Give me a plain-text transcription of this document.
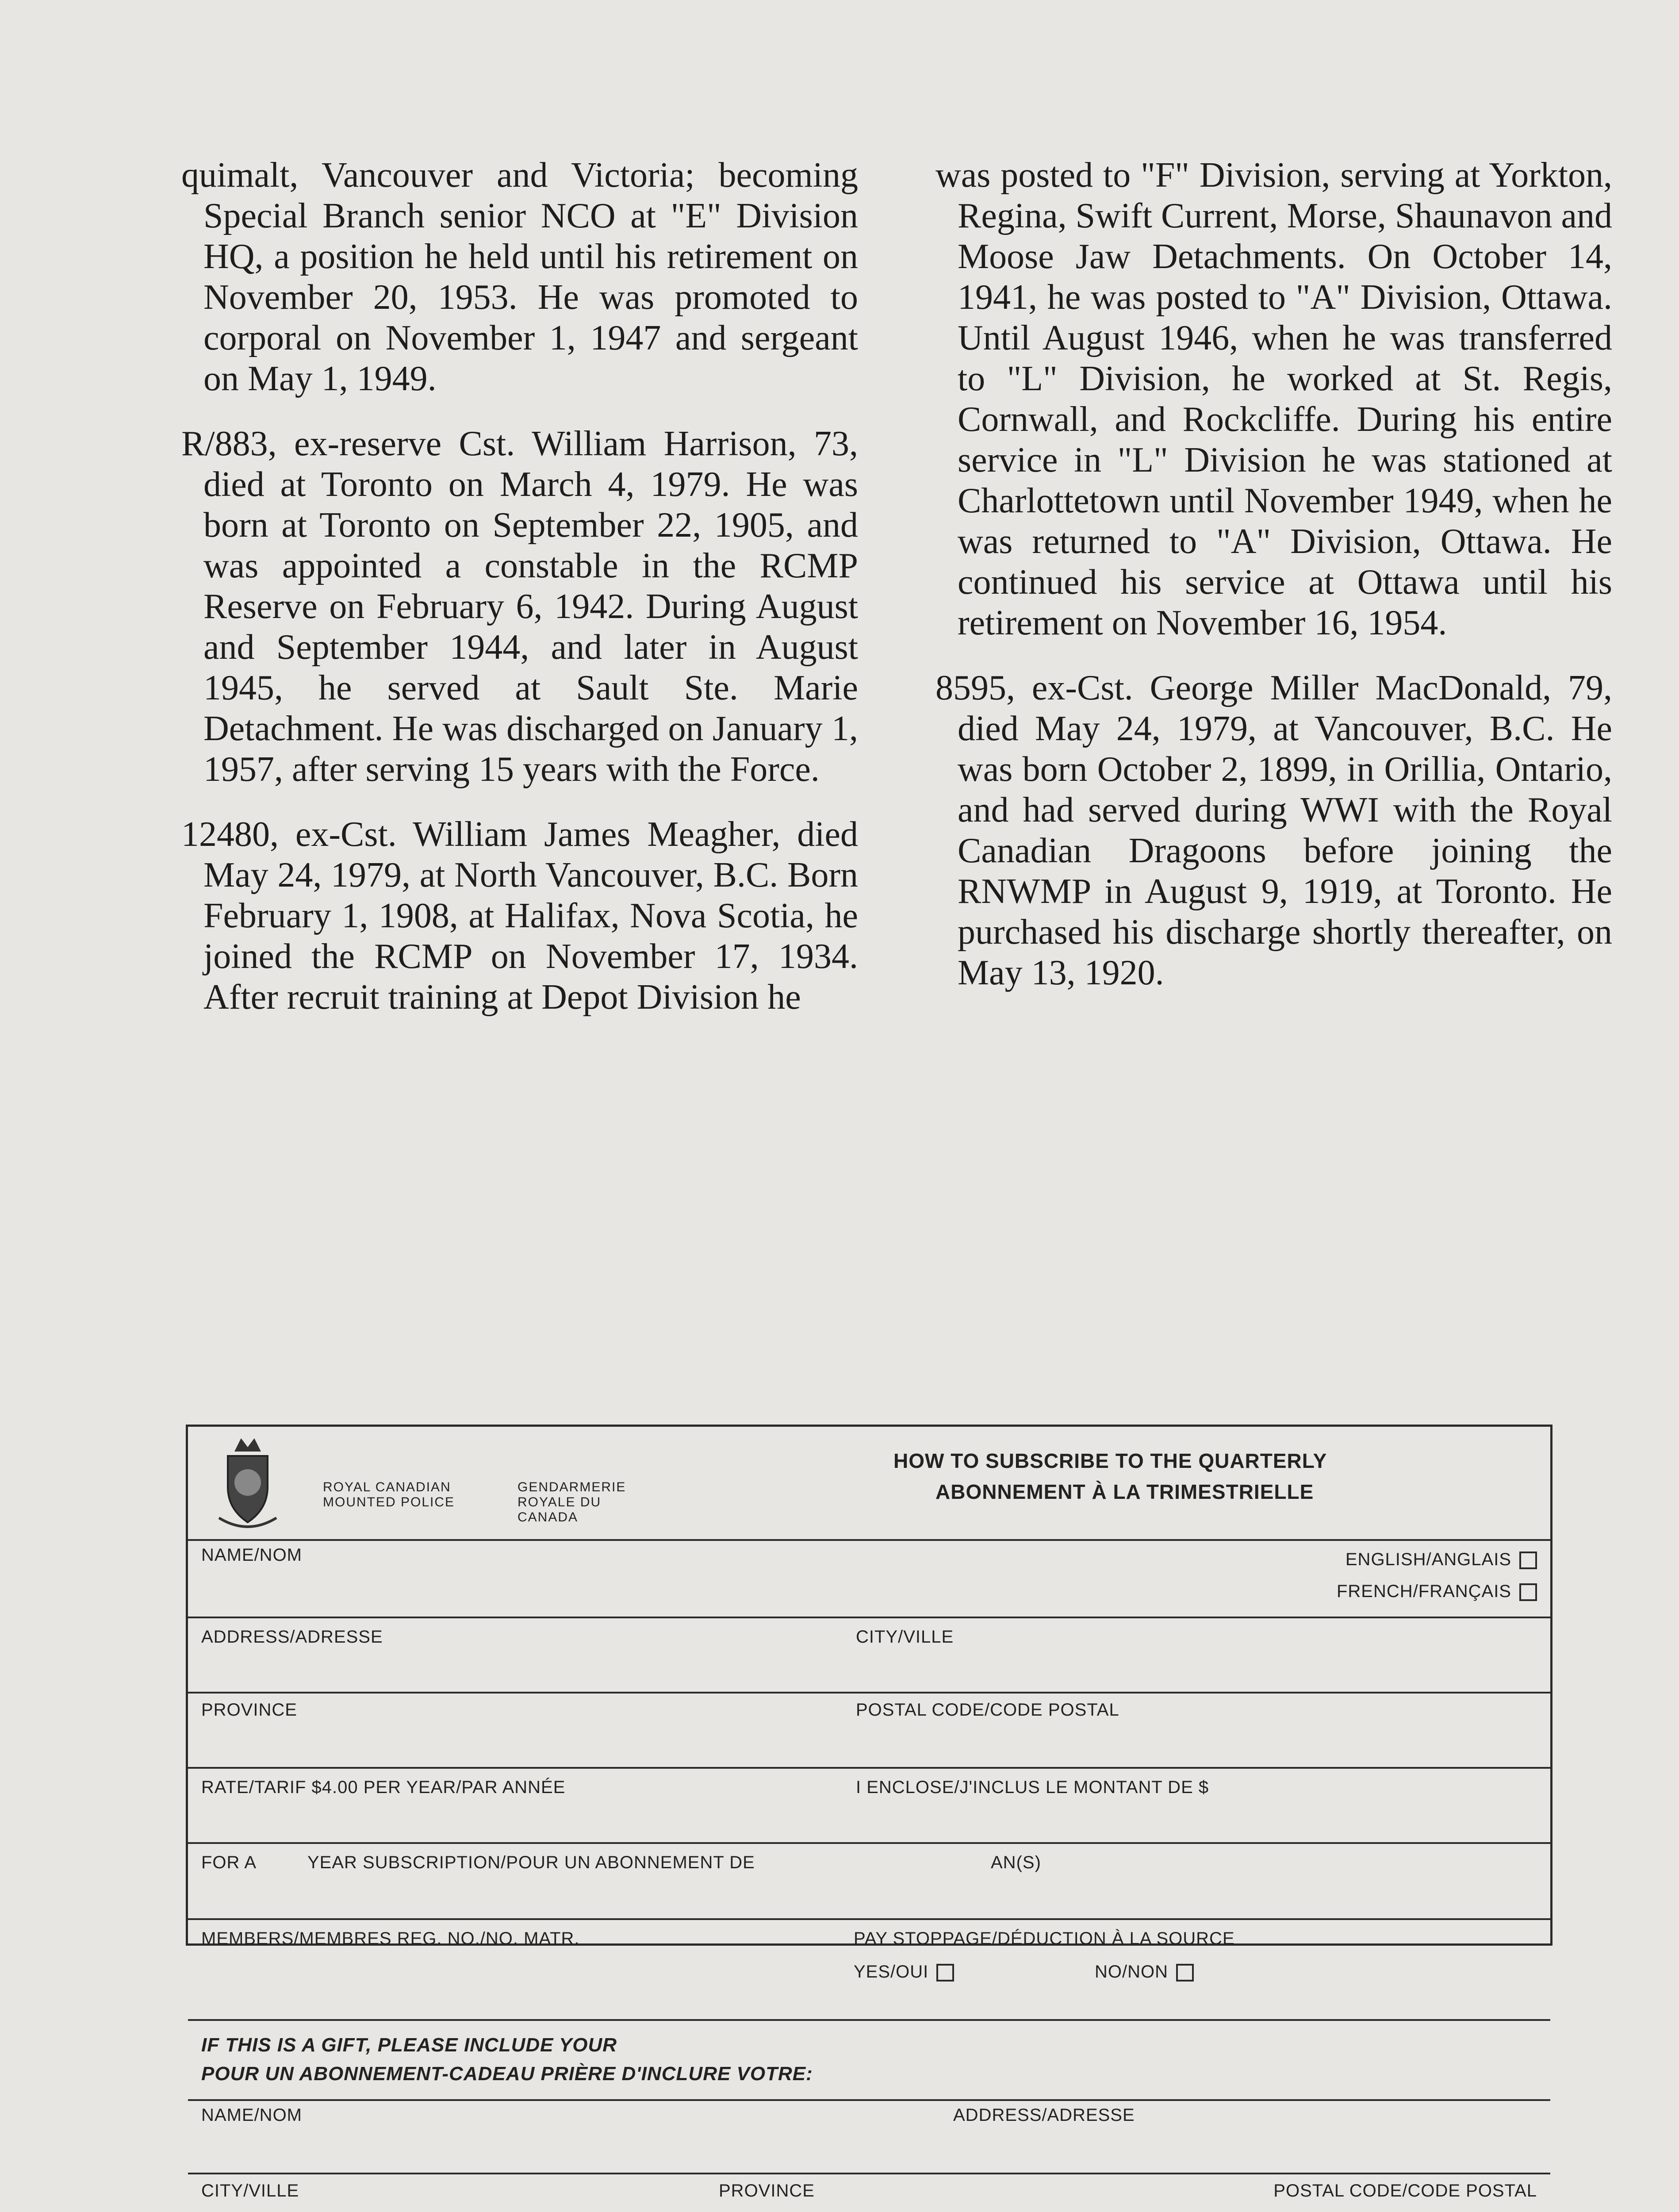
quimalt, Vancouver and Victoria; becoming Special Branch senior NCO at "E" Division HQ, a position he held until his retirement on November 20, 1953. He was promoted to corporal on November 1, 1947 and sergeant on May 1, 1949.

R/883, ex-reserve Cst. William Harrison, 73, died at Toronto on March 4, 1979. He was born at Toronto on September 22, 1905, and was appointed a constable in the RCMP Reserve on February 6, 1942. During August and September 1944, and later in August 1945, he served at Sault Ste. Marie Detachment. He was discharged on January 1, 1957, after serving 15 years with the Force.

12480, ex-Cst. William James Meagher, died May 24, 1979, at North Vancouver, B.C. Born February 1, 1908, at Halifax, Nova Scotia, he joined the RCMP on November 17, 1934. After recruit training at Depot Division he

was posted to "F" Division, serving at Yorkton, Regina, Swift Current, Morse, Shaunavon and Moose Jaw Detachments. On October 14, 1941, he was posted to "A" Division, Ottawa. Until August 1946, when he was transferred to "L" Division, he worked at St. Regis, Cornwall, and Rockcliffe. During his entire service in "L" Division he was stationed at Charlottetown until November 1949, when he was returned to "A" Division, Ottawa. He continued his service at Ottawa until his retirement on November 16, 1954.

8595, ex-Cst. George Miller MacDonald, 79, died May 24, 1979, at Vancouver, B.C. He was born October 2, 1899, in Orillia, Ontario, and had served during WWI with the Royal Canadian Dragoons before joining the RNWMP in August 9, 1919, at Toronto. He purchased his discharge shortly thereafter, on May 13, 1920.

ROYAL CANADIAN MOUNTED POLICE
GENDARMERIE ROYALE DU CANADA
HOW TO SUBSCRIBE TO THE QUARTERLY
ABONNEMENT À LA TRIMESTRIELLE
NAME/NOM	ENGLISH/ANGLAIS
FRENCH/FRANÇAIS
ADDRESS/ADRESSE	CITY/VILLE
PROVINCE	POSTAL CODE/CODE POSTAL
RATE/TARIF $4.00 PER YEAR/PAR ANNÉE	I ENCLOSE/J'INCLUS LE MONTANT DE $
FOR A	YEAR SUBSCRIPTION/POUR UN ABONNEMENT DE	AN(S)
MEMBERS/MEMBRES REG. NO./NO. MATR.	PAY STOPPAGE/DÉDUCTION À LA SOURCE
YES/OUI	NO/NON
IF THIS IS A GIFT, PLEASE INCLUDE YOUR
POUR UN ABONNEMENT-CADEAU PRIÈRE D'INCLURE VOTRE:
NAME/NOM	ADDRESS/ADRESSE
CITY/VILLE	PROVINCE	POSTAL CODE/CODE POSTAL
